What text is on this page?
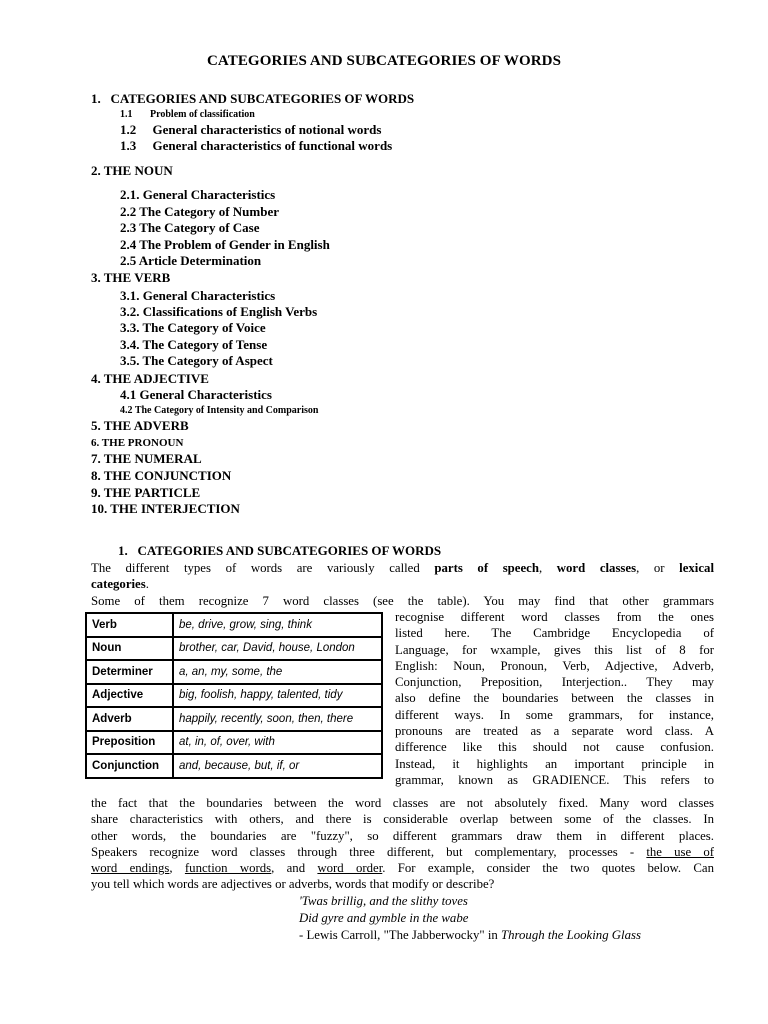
CATEGORIES AND SUBCATEGORIES OF WORDS
1.   CATEGORIES AND SUBCATEGORIES OF WORDS
1.1       Problem of classification
1.2     General characteristics of notional words
1.3     General characteristics of functional words
2. THE NOUN
2.1. General Characteristics
2.2 The Category of Number
2.3 The Category of Case
2.4 The Problem of Gender in English
2.5 Article Determination
3. THE VERB
3.1. General Characteristics
3.2. Classifications of English Verbs
3.3. The Category of Voice
3.4. The Category of Tense
3.5. The Category of Aspect
4. THE ADJECTIVE
4.1 General Characteristics
4.2 The Category of Intensity and Comparison
5. THE ADVERB
6. THE PRONOUN
7. THE NUMERAL
8. THE CONJUNCTION
9. THE PARTICLE
10. THE INTERJECTION
1.   CATEGORIES AND SUBCATEGORIES OF WORDS
The different types of words are variously called parts of speech, word classes, or lexical
categories.
Some of them recognize 7 word classes (see the table). You may find that other grammars
Verb	be, drive, grow, sing, think
Noun	brother, car, David, house, London
Determiner	a, an, my, some, the
Adjective	big, foolish, happy, talented, tidy
Adverb	happily, recently, soon, then, there
Preposition	at, in, of, over, with
Conjunction	and, because, but, if, or
recognise different word classes from the ones
listed here. The Cambridge Encyclopedia of
Language, for wxample, gives this list of 8 for
English: Noun, Pronoun, Verb, Adjective, Adverb,
Conjunction, Preposition, Interjection.. They may
also define the boundaries between the classes in
different ways. In some grammars, for instance,
pronouns are treated as a separate word class. A
difference like this should not cause confusion.
Instead, it highlights an important principle in
grammar, known as GRADIENCE. This refers to
the fact that the boundaries between the word classes are not absolutely fixed. Many word classes
share characteristics with others, and there is considerable overlap between some of the classes. In
other words, the boundaries are "fuzzy", so different grammars draw them in different places.
Speakers recognize word classes through three different, but complementary, processes - the use of
word endings, function words, and word order. For example, consider the two quotes below. Can
you tell which words are adjectives or adverbs, words that modify or describe?
'Twas brillig, and the slithy toves
Did gyre and gymble in the wabe
- Lewis Carroll, "The Jabberwocky" in Through the Looking Glass
